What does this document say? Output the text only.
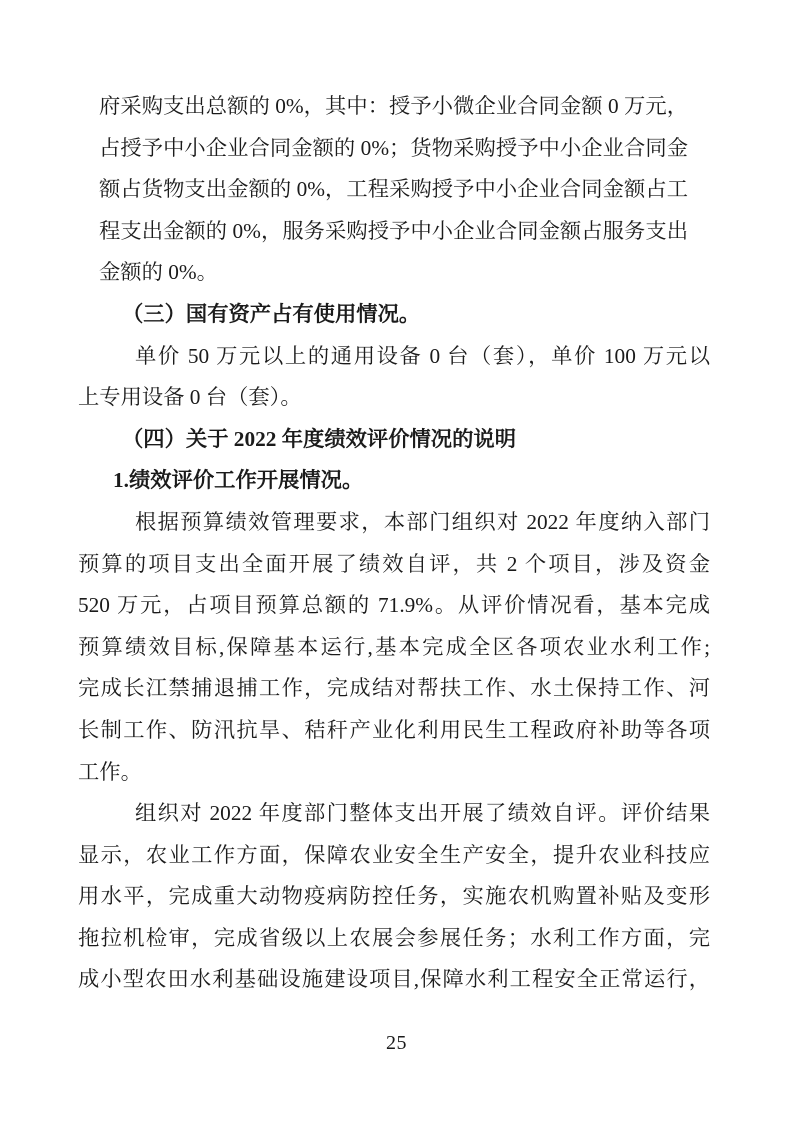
府采购支出总额的 0%，其中：授予小微企业合同金额 0 万元，
占授予中小企业合同金额的 0%；货物采购授予中小企业合同金
额占货物支出金额的 0%，工程采购授予中小企业合同金额占工
程支出金额的 0%，服务采购授予中小企业合同金额占服务支出
金额的 0%。
（三）国有资产占有使用情况。
单价 50 万元以上的通用设备 0 台（套），单价 100 万元以
上专用设备 0 台（套）。
（四）关于 2022 年度绩效评价情况的说明
1.绩效评价工作开展情况。
根据预算绩效管理要求，本部门组织对 2022 年度纳入部门
预算的项目支出全面开展了绩效自评，共 2 个项目，涉及资金
520 万元，占项目预算总额的 71.9%。从评价情况看，基本完成
预算绩效目标,保障基本运行,基本完成全区各项农业水利工作;
完成长江禁捕退捕工作，完成结对帮扶工作、水土保持工作、河
长制工作、防汛抗旱、秸秆产业化利用民生工程政府补助等各项
工作。
组织对 2022 年度部门整体支出开展了绩效自评。评价结果
显示，农业工作方面，保障农业安全生产安全，提升农业科技应
用水平，完成重大动物疫病防控任务，实施农机购置补贴及变形
拖拉机检审，完成省级以上农展会参展任务；水利工作方面，完
成小型农田水利基础设施建设项目,保障水利工程安全正常运行，
25
